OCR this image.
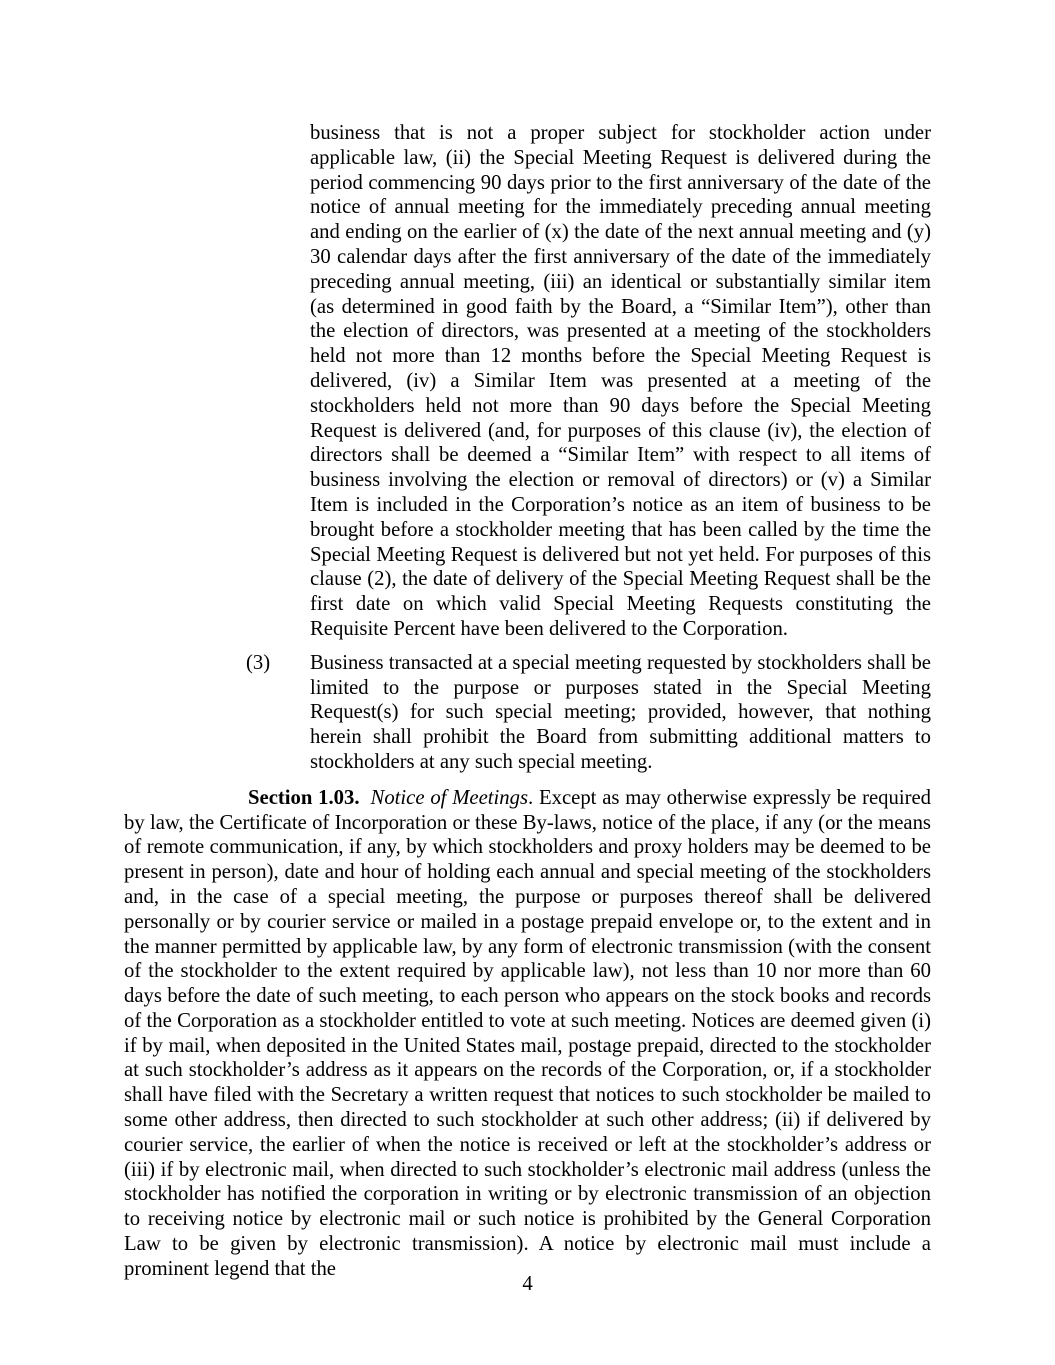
business that is not a proper subject for stockholder action under applicable law, (ii) the Special Meeting Request is delivered during the period commencing 90 days prior to the first anniversary of the date of the notice of annual meeting for the immediately preceding annual meeting and ending on the earlier of (x) the date of the next annual meeting and (y) 30 calendar days after the first anniversary of the date of the immediately preceding annual meeting, (iii) an identical or substantially similar item (as determined in good faith by the Board, a “Similar Item”), other than the election of directors, was presented at a meeting of the stockholders held not more than 12 months before the Special Meeting Request is delivered, (iv) a Similar Item was presented at a meeting of the stockholders held not more than 90 days before the Special Meeting Request is delivered (and, for purposes of this clause (iv), the election of directors shall be deemed a “Similar Item” with respect to all items of business involving the election or removal of directors) or (v) a Similar Item is included in the Corporation’s notice as an item of business to be brought before a stockholder meeting that has been called by the time the Special Meeting Request is delivered but not yet held. For purposes of this clause (2), the date of delivery of the Special Meeting Request shall be the first date on which valid Special Meeting Requests constituting the Requisite Percent have been delivered to the Corporation.

(3) Business transacted at a special meeting requested by stockholders shall be limited to the purpose or purposes stated in the Special Meeting Request(s) for such special meeting; provided, however, that nothing herein shall prohibit the Board from submitting additional matters to stockholders at any such special meeting.

Section 1.03. Notice of Meetings. Except as may otherwise expressly be required by law, the Certificate of Incorporation or these By-laws, notice of the place, if any (or the means of remote communication, if any, by which stockholders and proxy holders may be deemed to be present in person), date and hour of holding each annual and special meeting of the stockholders and, in the case of a special meeting, the purpose or purposes thereof shall be delivered personally or by courier service or mailed in a postage prepaid envelope or, to the extent and in the manner permitted by applicable law, by any form of electronic transmission (with the consent of the stockholder to the extent required by applicable law), not less than 10 nor more than 60 days before the date of such meeting, to each person who appears on the stock books and records of the Corporation as a stockholder entitled to vote at such meeting. Notices are deemed given (i) if by mail, when deposited in the United States mail, postage prepaid, directed to the stockholder at such stockholder’s address as it appears on the records of the Corporation, or, if a stockholder shall have filed with the Secretary a written request that notices to such stockholder be mailed to some other address, then directed to such stockholder at such other address; (ii) if delivered by courier service, the earlier of when the notice is received or left at the stockholder’s address or (iii) if by electronic mail, when directed to such stockholder’s electronic mail address (unless the stockholder has notified the corporation in writing or by electronic transmission of an objection to receiving notice by electronic mail or such notice is prohibited by the General Corporation Law to be given by electronic transmission). A notice by electronic mail must include a prominent legend that the

4
